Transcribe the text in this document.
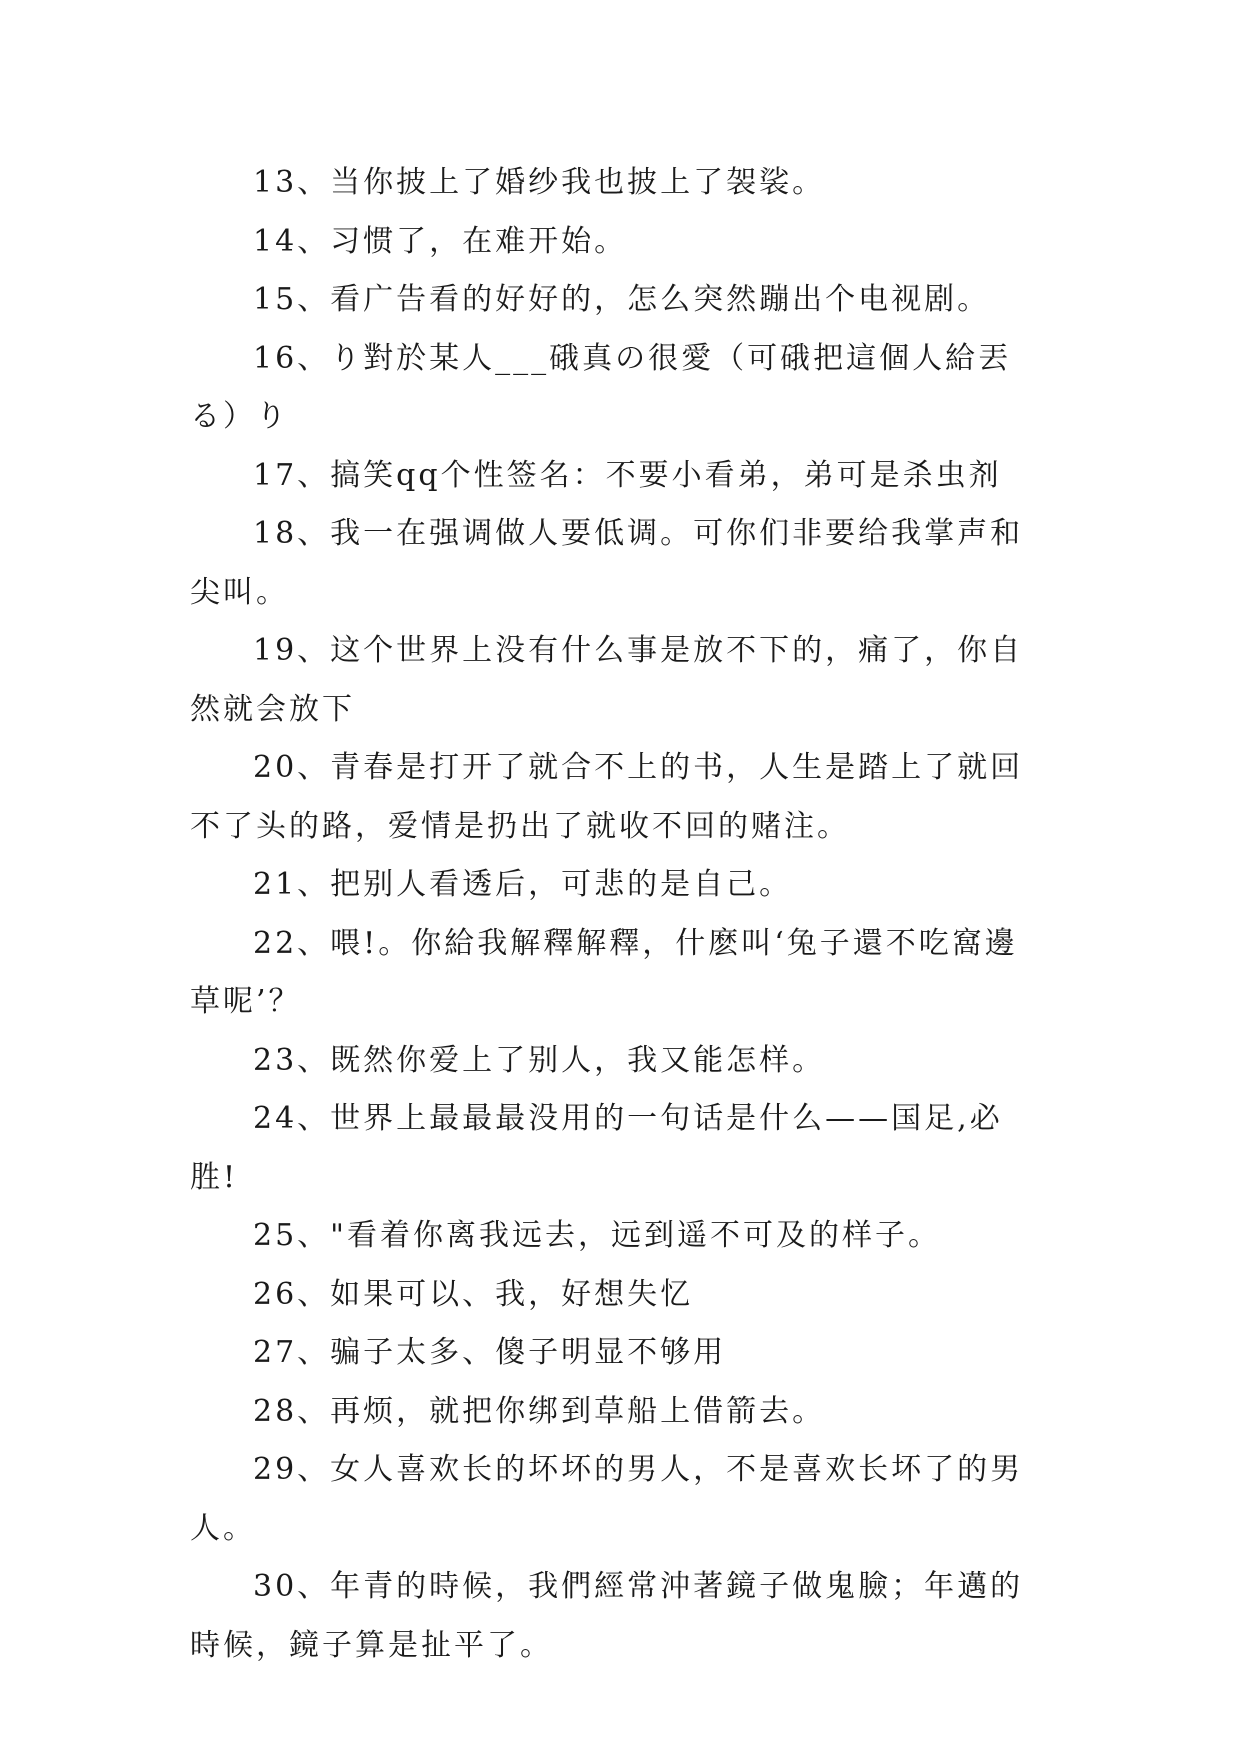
13、当你披上了婚纱我也披上了袈裟。

14、习惯了，在难开始。

15、看广告看的好好的，怎么突然蹦出个电视剧。

16、り對於某人___硪真の很愛（可硪把這個人給丟る）り

17、搞笑qq个性签名：不要小看弟，弟可是杀虫剂

18、我一在强调做人要低调。可你们非要给我掌声和尖叫。

19、这个世界上没有什么事是放不下的，痛了，你自然就会放下

20、青春是打开了就合不上的书，人生是踏上了就回不了头的路，爱情是扔出了就收不回的赌注。

21、把别人看透后，可悲的是自己。

22、喂!。你給我解釋解釋，什麽叫‘兔子還不吃窩邊草呢’？

23、既然你爱上了别人，我又能怎样。

24、世界上最最最没用的一句话是什么——国足,必胜!

25、"看着你离我远去，远到遥不可及的样子。

26、如果可以、我，好想失忆

27、骗子太多、傻子明显不够用

28、再烦，就把你绑到草船上借箭去。

29、女人喜欢长的坏坏的男人，不是喜欢长坏了的男人。

30、年青的時候，我們經常沖著鏡子做鬼臉；年邁的時候，鏡子算是扯平了。
